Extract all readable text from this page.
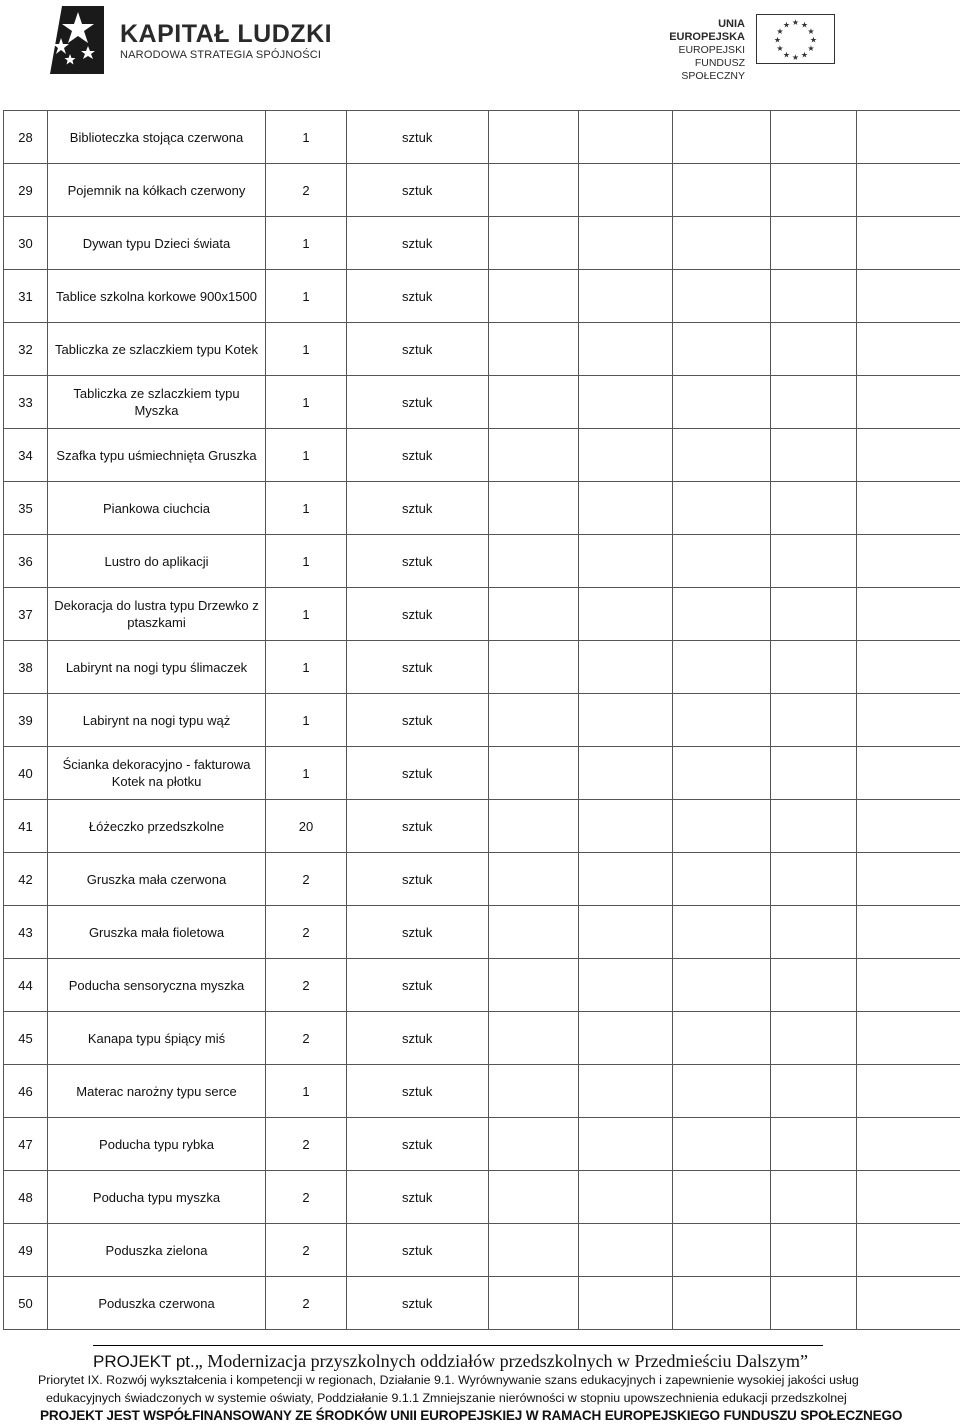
KAPITAŁ LUDZKI
NARODOWA STRATEGIA SPÓJNOŚCI
UNIA EUROPEJSKA
EUROPEJSKI
FUNDUSZ SPOŁECZNY
★ ★
★
★
★
★
★
★
★
★
★
★
28	Biblioteczka stojąca czerwona	1	sztuk					
29	Pojemnik na kółkach czerwony	2	sztuk					
30	Dywan typu Dzieci świata	1	sztuk					
31	Tablice szkolna korkowe 900x1500	1	sztuk					
32	Tabliczka ze szlaczkiem typu Kotek	1	sztuk					
33	Tabliczka ze szlaczkiem typu Myszka	1	sztuk					
34	Szafka typu uśmiechnięta Gruszka	1	sztuk					
35	Piankowa ciuchcia	1	sztuk					
36	Lustro do aplikacji	1	sztuk					
37	Dekoracja do lustra typu Drzewko z ptaszkami	1	sztuk					
38	Labirynt na nogi typu ślimaczek	1	sztuk					
39	Labirynt na nogi typu wąż	1	sztuk					
40	Ścianka dekoracyjno - fakturowa Kotek na płotku	1	sztuk					
41	Łóżeczko przedszkolne	20	sztuk					
42	Gruszka mała czerwona	2	sztuk					
43	Gruszka mała fioletowa	2	sztuk					
44	Poducha sensoryczna myszka	2	sztuk					
45	Kanapa typu śpiący miś	2	sztuk					
46	Materac narożny typu serce	1	sztuk					
47	Poducha typu rybka	2	sztuk					
48	Poducha typu myszka	2	sztuk					
49	Poduszka zielona	2	sztuk					
50	Poduszka czerwona	2	sztuk					
PROJEKT pt.„ Modernizacja przyszkolnych oddziałów przedszkolnych w Przedmieściu Dalszym”
Priorytet IX. Rozwój wykształcenia i kompetencji w regionach, Działanie 9.1. Wyrównywanie szans edukacyjnych i zapewnienie wysokiej jakości usług
edukacyjnych świadczonych w systemie oświaty, Poddziałanie 9.1.1 Zmniejszanie nierówności w stopniu upowszechnienia edukacji przedszkolnej
PROJEKT JEST WSPÓŁFINANSOWANY ZE ŚRODKÓW UNII EUROPEJSKIEJ W RAMACH EUROPEJSKIEGO FUNDUSZU SPOŁECZNEGO
